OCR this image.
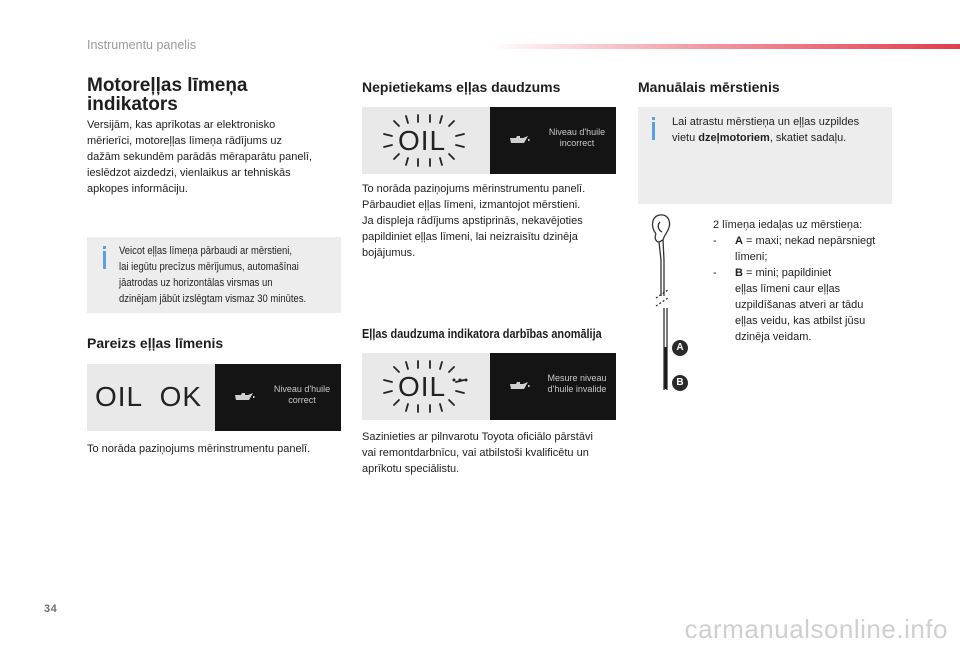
Instrumentu panelis
Motoreļļas līmeņa indikators

Versijām, kas aprīkotas ar elektronisko

mērierīci, motoreļļas līmeņa rādījums uz

dažām sekundēm parādās mēraparātu panelī,

ieslēdzot aizdedzi, vienlaikus ar tehniskās

apkopes informāciju.

Veicot eļļas līmeņa pārbaudi ar mērstieni,

lai iegūtu precīzus mērījumus, automašīnai

jāatrodas uz horizontālas virsmas un

dzinējam jābūt izslēgtam vismaz 30 minūtes.

Pareizs eļļas līmenis
OIL  OK	Niveau d'huile
correct

To norāda paziņojums mērinstrumentu panelī.

Nepietiekams eļļas daudzums
OIL	Niveau d'huile
incorrect

To norāda paziņojums mērinstrumentu panelī.

Pārbaudiet eļļas līmeni, izmantojot mērstieni.

Ja displeja rādījums apstiprinās, nekavējoties

papildiniet eļļas līmeni, lai neizraisītu dzinēja

bojājumus.

Eļļas daudzuma indikatora darbības anomālija
OIL	Mesure niveau
d'huile invalide

Sazinieties ar pilnvarotu Toyota oficiālo pārstāvi

vai remontdarbnīcu, vai atbilstoši kvalificētu un

aprīkotu speciālistu.

Manuālais mērstienis

Lai atrastu mērstieņa un eļļas uzpildes

vietu dzeļmotoriem, skatiet sadaļu.

2 līmeņa iedaļas uz mērstieņa:

- A = maxi; nekad nepārsniegt

līmeni;

- B = mini; papildiniet

eļļas līmeni caur eļļas

uzpildīšanas atveri ar tādu

eļļas veidu, kas atbilst jūsu

dzinēja veidam.

A
B
34
carmanualsonline.info
